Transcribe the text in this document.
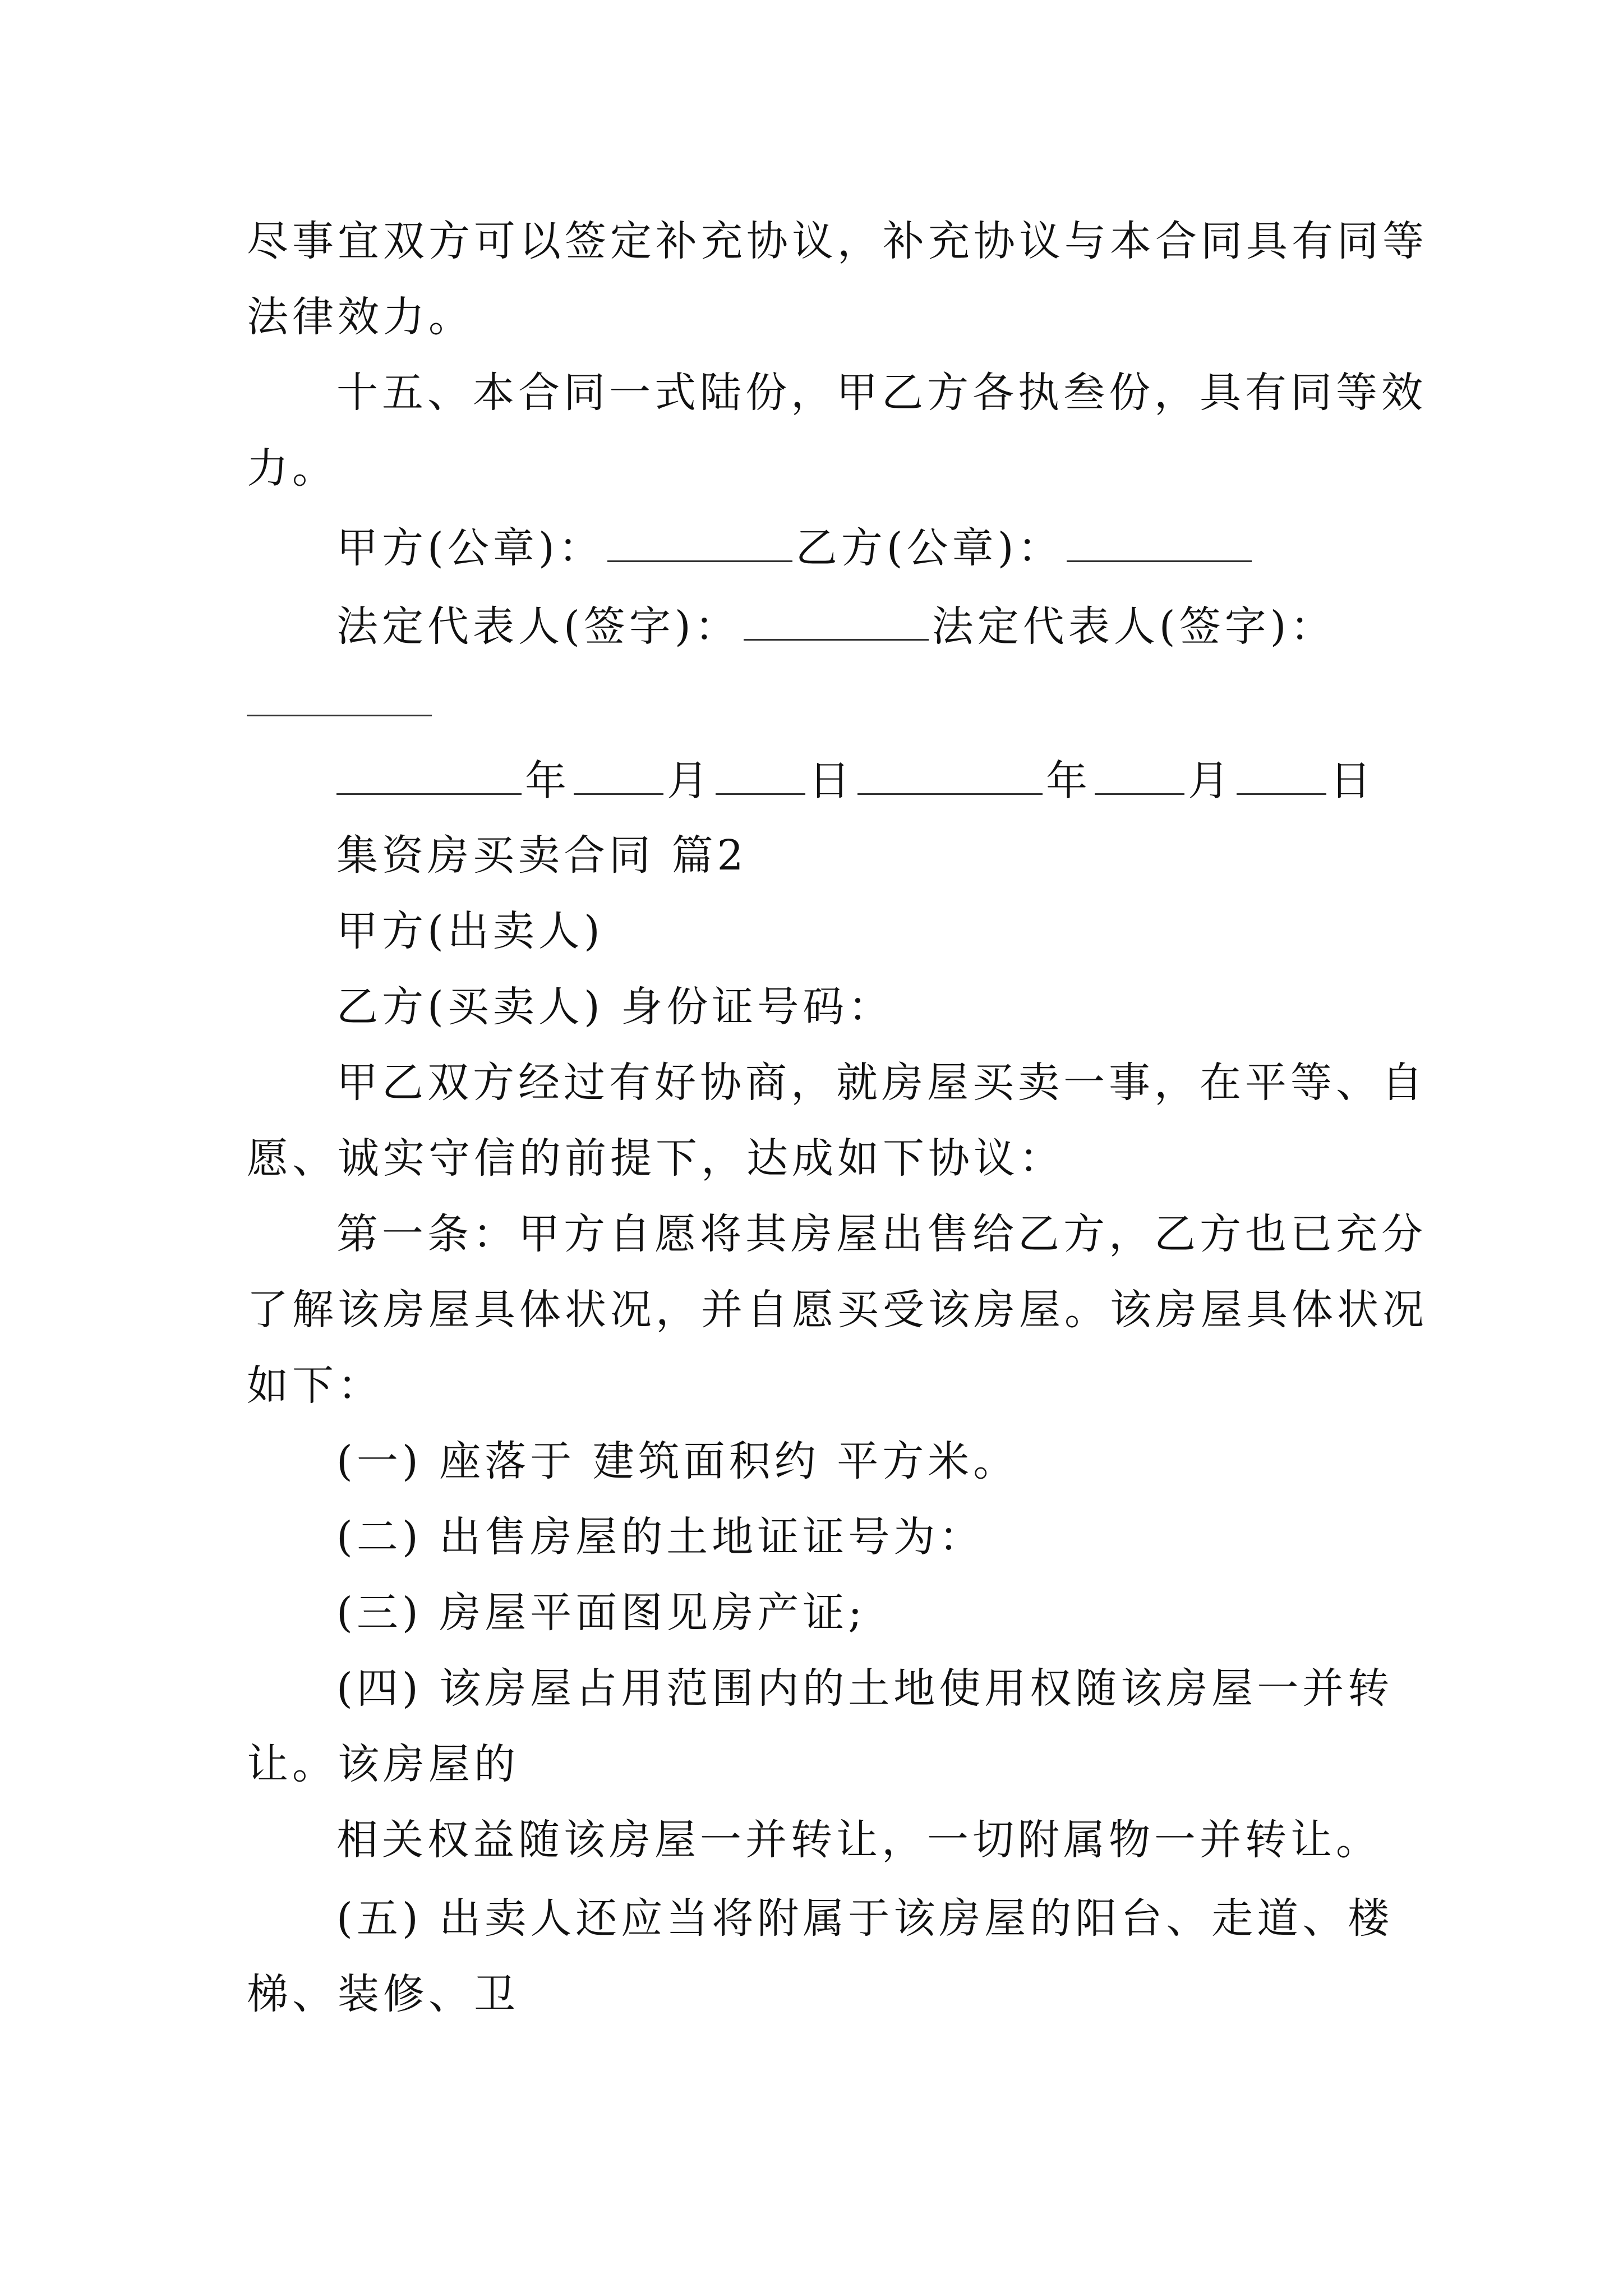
尽事宜双方可以签定补充协议，补充协议与本合同具有同等
法律效力。
十五、本合同一式陆份，甲乙方各执叁份，具有同等效
力。
甲方(公章)：	乙方(公章)：
法定代表人(签字)：	法定代表人(签字)：
年 月 日	年 月 日
集资房买卖合同 篇2
甲方(出卖人)
乙方(买卖人) 身份证号码：
甲乙双方经过有好协商，就房屋买卖一事，在平等、自
愿、诚实守信的前提下，达成如下协议：
第一条：甲方自愿将其房屋出售给乙方，乙方也已充分
了解该房屋具体状况，并自愿买受该房屋。该房屋具体状况
如下：
(一) 座落于 建筑面积约 平方米。
(二) 出售房屋的土地证证号为：
(三) 房屋平面图见房产证;
(四) 该房屋占用范围内的土地使用权随该房屋一并转
让。该房屋的
相关权益随该房屋一并转让，一切附属物一并转让。
(五) 出卖人还应当将附属于该房屋的阳台、走道、楼
梯、装修、卫
